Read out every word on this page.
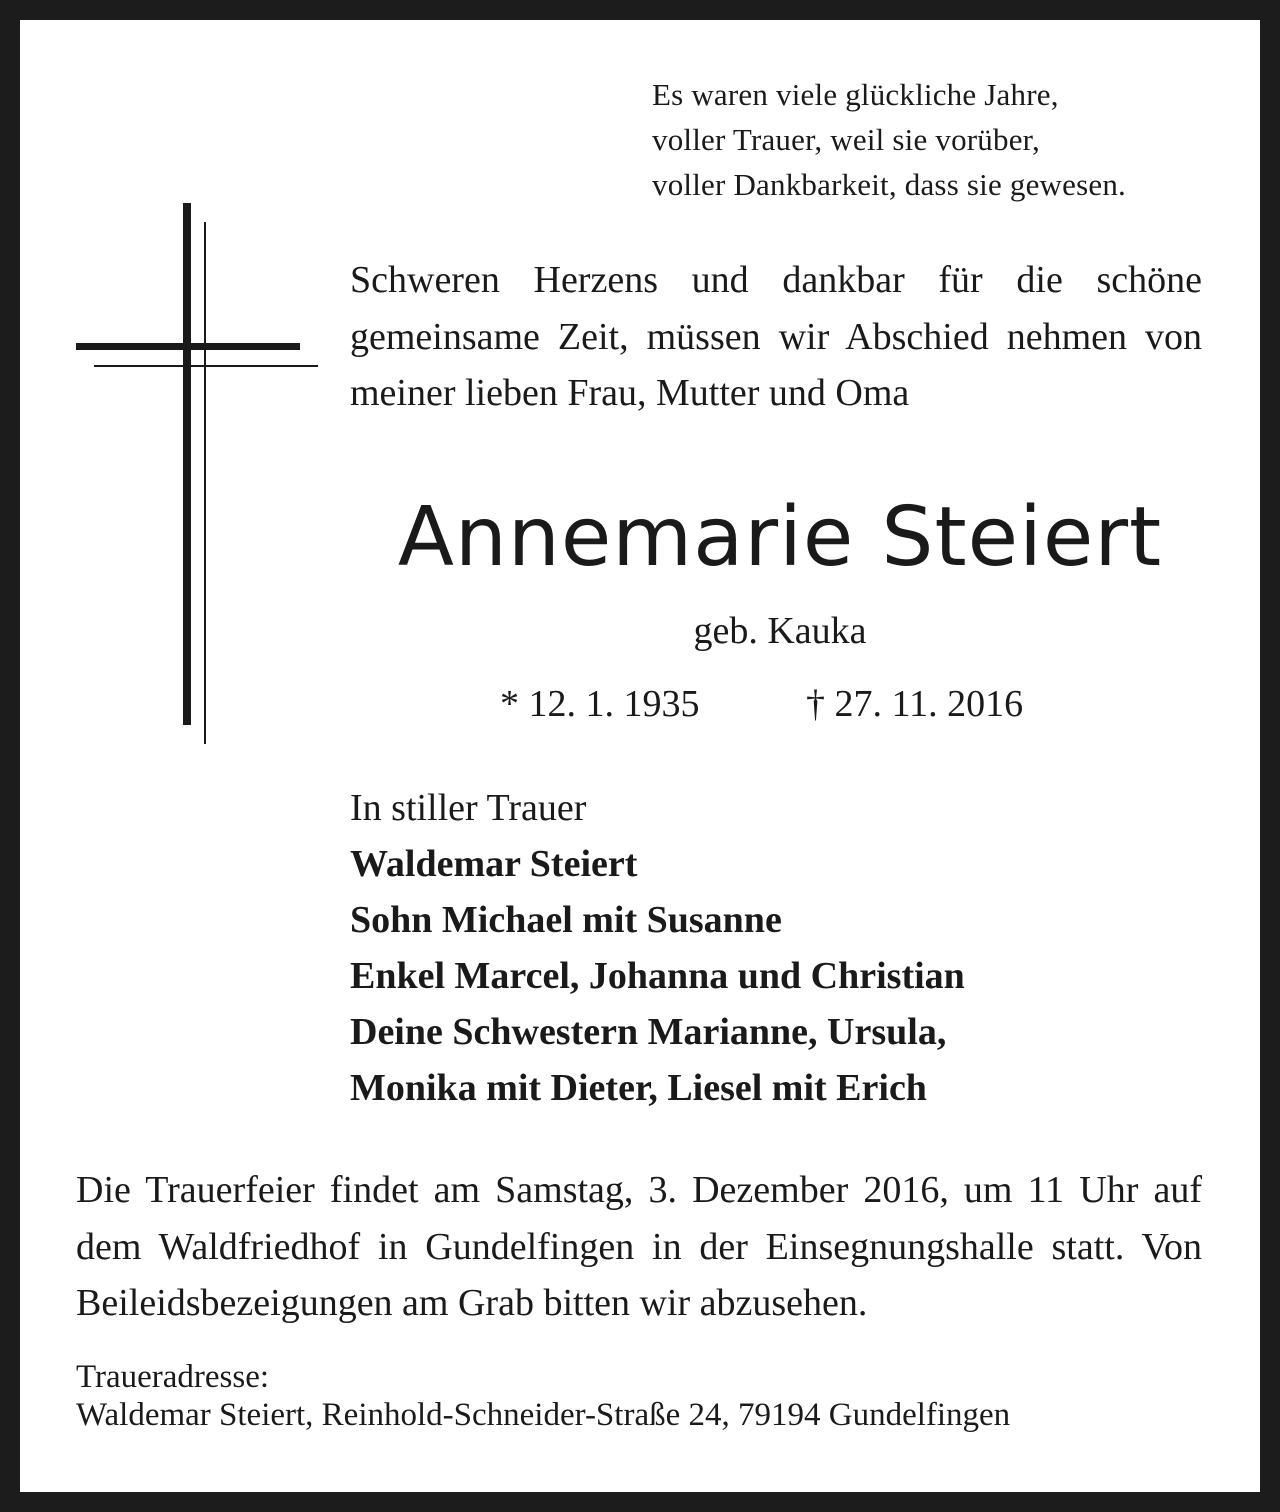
Es waren viele glückliche Jahre,
voller Trauer, weil sie vorüber,
voller Dankbarkeit, dass sie gewesen.
Schweren Herzens und dankbar für die schöne gemeinsame Zeit, müssen wir Abschied nehmen von meiner lieben Frau, Mutter und Oma
Annemarie Steiert
geb. Kauka
* 12. 1. 1935	† 27. 11. 2016
In stiller Trauer
Waldemar Steiert
Sohn Michael mit Susanne
Enkel Marcel, Johanna und Christian
Deine Schwestern Marianne, Ursula,
Monika mit Dieter, Liesel mit Erich
Die Trauerfeier findet am Samstag, 3. Dezember 2016, um 11 Uhr auf dem Waldfriedhof in Gundelfingen in der Einsegnungshalle statt. Von Beileidsbezeigungen am Grab bitten wir abzusehen.
Traueradresse:
Waldemar Steiert, Reinhold-Schneider-Straße 24, 79194 Gundelfingen
